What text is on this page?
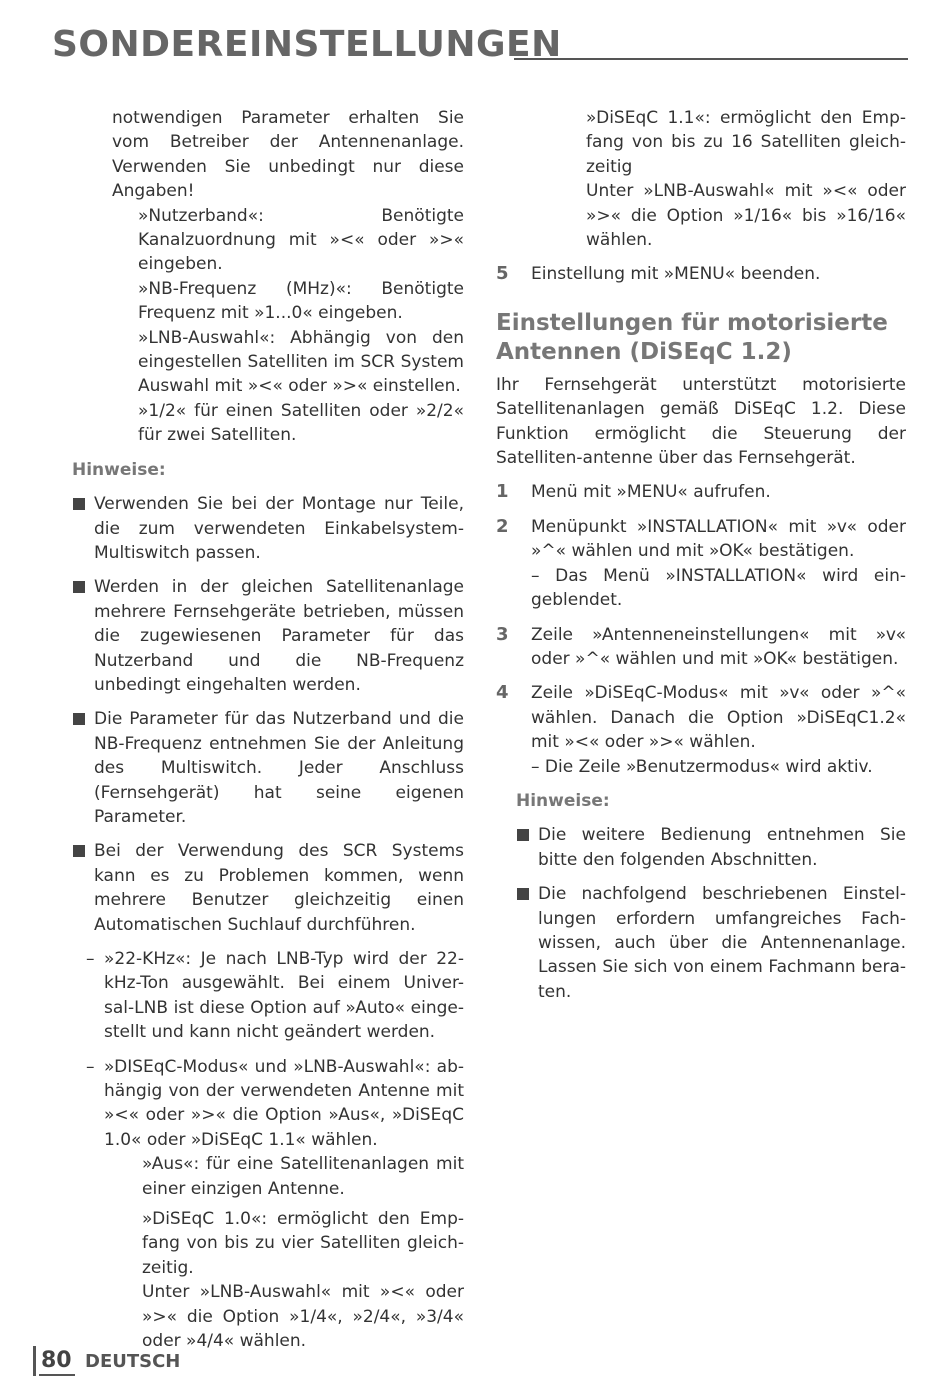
SONDEREINSTELLUNGEN

notwendigen Parameter erhalten Sie vom Betreiber der Antennenanlage. Verwenden Sie unbedingt nur diese Angaben!

»Nutzerband«: Benötigte Kanalzuordnung mit »<« oder »>« eingeben.

»NB-Frequenz (MHz)«: Benötigte Frequenz mit »1...0« eingeben.

»LNB-Auswahl«: Abhängig von den eingestellen Satelliten im SCR System Auswahl mit »<« oder »>« einstellen.

»1/2« für einen Satelliten oder »2/2« für zwei Satelliten.

Hinweise:

Verwenden Sie bei der Montage nur Teile, die zum verwendeten Einkabelsystem-Multiswitch passen.
Werden in der gleichen Satellitenanlage mehrere Fernsehgeräte betrieben, müssen die zugewiesenen Parameter für das Nutzerband und die NB-Frequenz unbedingt eingehalten werden.
Die Parameter für das Nutzerband und die NB-Frequenz entnehmen Sie der Anleitung des Multiswitch. Jeder Anschluss (Fernsehgerät) hat seine eigenen Parameter.
Bei der Verwendung des SCR Systems kann es zu Problemen kommen, wenn mehrere Benutzer gleichzeitig einen Automatischen Suchlauf durchführen.
– »22-KHz«: Je nach LNB-Typ wird der 22-kHz-Ton ausgewählt. Bei einem Univer-sal-LNB ist diese Option auf »Auto« einge-stellt und kann nicht geändert werden.
– »DISEqC-Modus« und »LNB-Auswahl«: ab-hängig von der verwendeten Antenne mit »<« oder »>« die Option »Aus«, »DiSEqC 1.0« oder »DiSEqC 1.1« wählen.

»Aus«: für eine Satellitenanlagen mit einer einzigen Antenne.

»DiSEqC 1.0«: ermöglicht den Emp-fang von bis zu vier Satelliten gleich-zeitig.

Unter »LNB-Auswahl« mit »<« oder »>« die Option »1/4«, »2/4«, »3/4« oder »4/4« wählen.

»DiSEqC 1.1«: ermöglicht den Emp-fang von bis zu 16 Satelliten gleich-zeitig

Unter »LNB-Auswahl« mit »<« oder »>« die Option »1/16« bis »16/16« wählen.

5	Einstellung mit »MENU« beenden.

Einstellungen für motorisierte Antennen (DiSEqC 1.2)

Ihr Fernsehgerät unterstützt motorisierte Satellitenanlagen gemäß DiSEqC 1.2. Diese Funktion ermöglicht die Steuerung der Satelliten-antenne über das Fernsehgerät.

1	Menü mit »MENU« aufrufen.
2	Menüpunkt »INSTALLATION« mit »v« oder »^« wählen und mit »OK« bestätigen.
– Das Menü »INSTALLATION« wird ein-geblendet.
3	Zeile »Antenneneinstellungen« mit »v« oder »^« wählen und mit »OK« bestätigen.
4	Zeile »DiSEqC-Modus« mit »v« oder »^« wählen. Danach die Option »DiSEqC1.2« mit »<« oder »>« wählen.
– Die Zeile »Benutzermodus« wird aktiv.

Hinweise:

Die weitere Bedienung entnehmen Sie bitte den folgenden Abschnitten.
Die nachfolgend beschriebenen Einstel-lungen erfordern umfangreiches Fach-wissen, auch über die Antennenanlage. Lassen Sie sich von einem Fachmann bera-ten.
80 DEUTSCH
